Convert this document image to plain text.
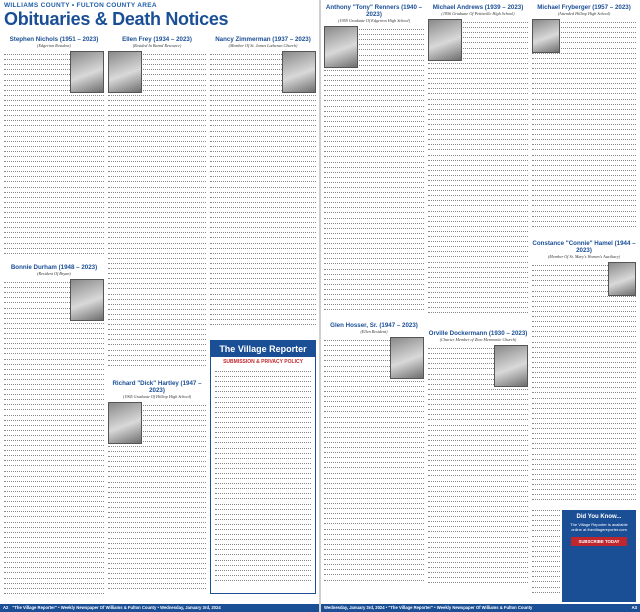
WILLIAMS COUNTY • FULTON COUNTY AREA
Obituaries & Death Notices
Stephen Nichols (1951 – 2023)
(Edgerton Resident)
Bonnie Durham (1948 – 2023)
(Resident Of Bryan)
Ellen Frey (1934 – 2023)
(Resided In Barnd Resource)
Richard "Dick" Hartley (1947 – 2023)
(1965 Graduate Of Hilltop High School)
Nancy Zimmerman (1937 – 2023)
(Member Of St. James Lutheran Church)
The Village Reporter
SUBMISSION & PRIVACY POLICY
A2 "The Village Reporter" • Weekly Newspaper Of Williams & Fulton County • Wednesday, January 3rd, 2024
Anthony "Tony" Renners (1940 – 2023)
(1959 Graduate Of Edgerton High School)
Glen Hosser, Sr. (1947 – 2023)
(Ellen Resident)
Michael Andrews (1939 – 2023)
(1956 Graduate Of Pettisville High School)
Orville Dockermann (1930 – 2023)
(Charter Member of Zion Mennonite Church)
Michael Fryberger (1957 – 2023)
(Attended Hilltop High School)
Constance "Connie" Hamel (1944 – 2023)
(Member Of St. Mary's Women's Auxiliary)
A3
Wednesday, January 3rd, 2024 • "The Village Reporter" • Weekly Newspaper Of Williams & Fulton County
Did You Know...
The Village Reporter is available online at thevillagereporter.com
SUBSCRIBE TODAY
